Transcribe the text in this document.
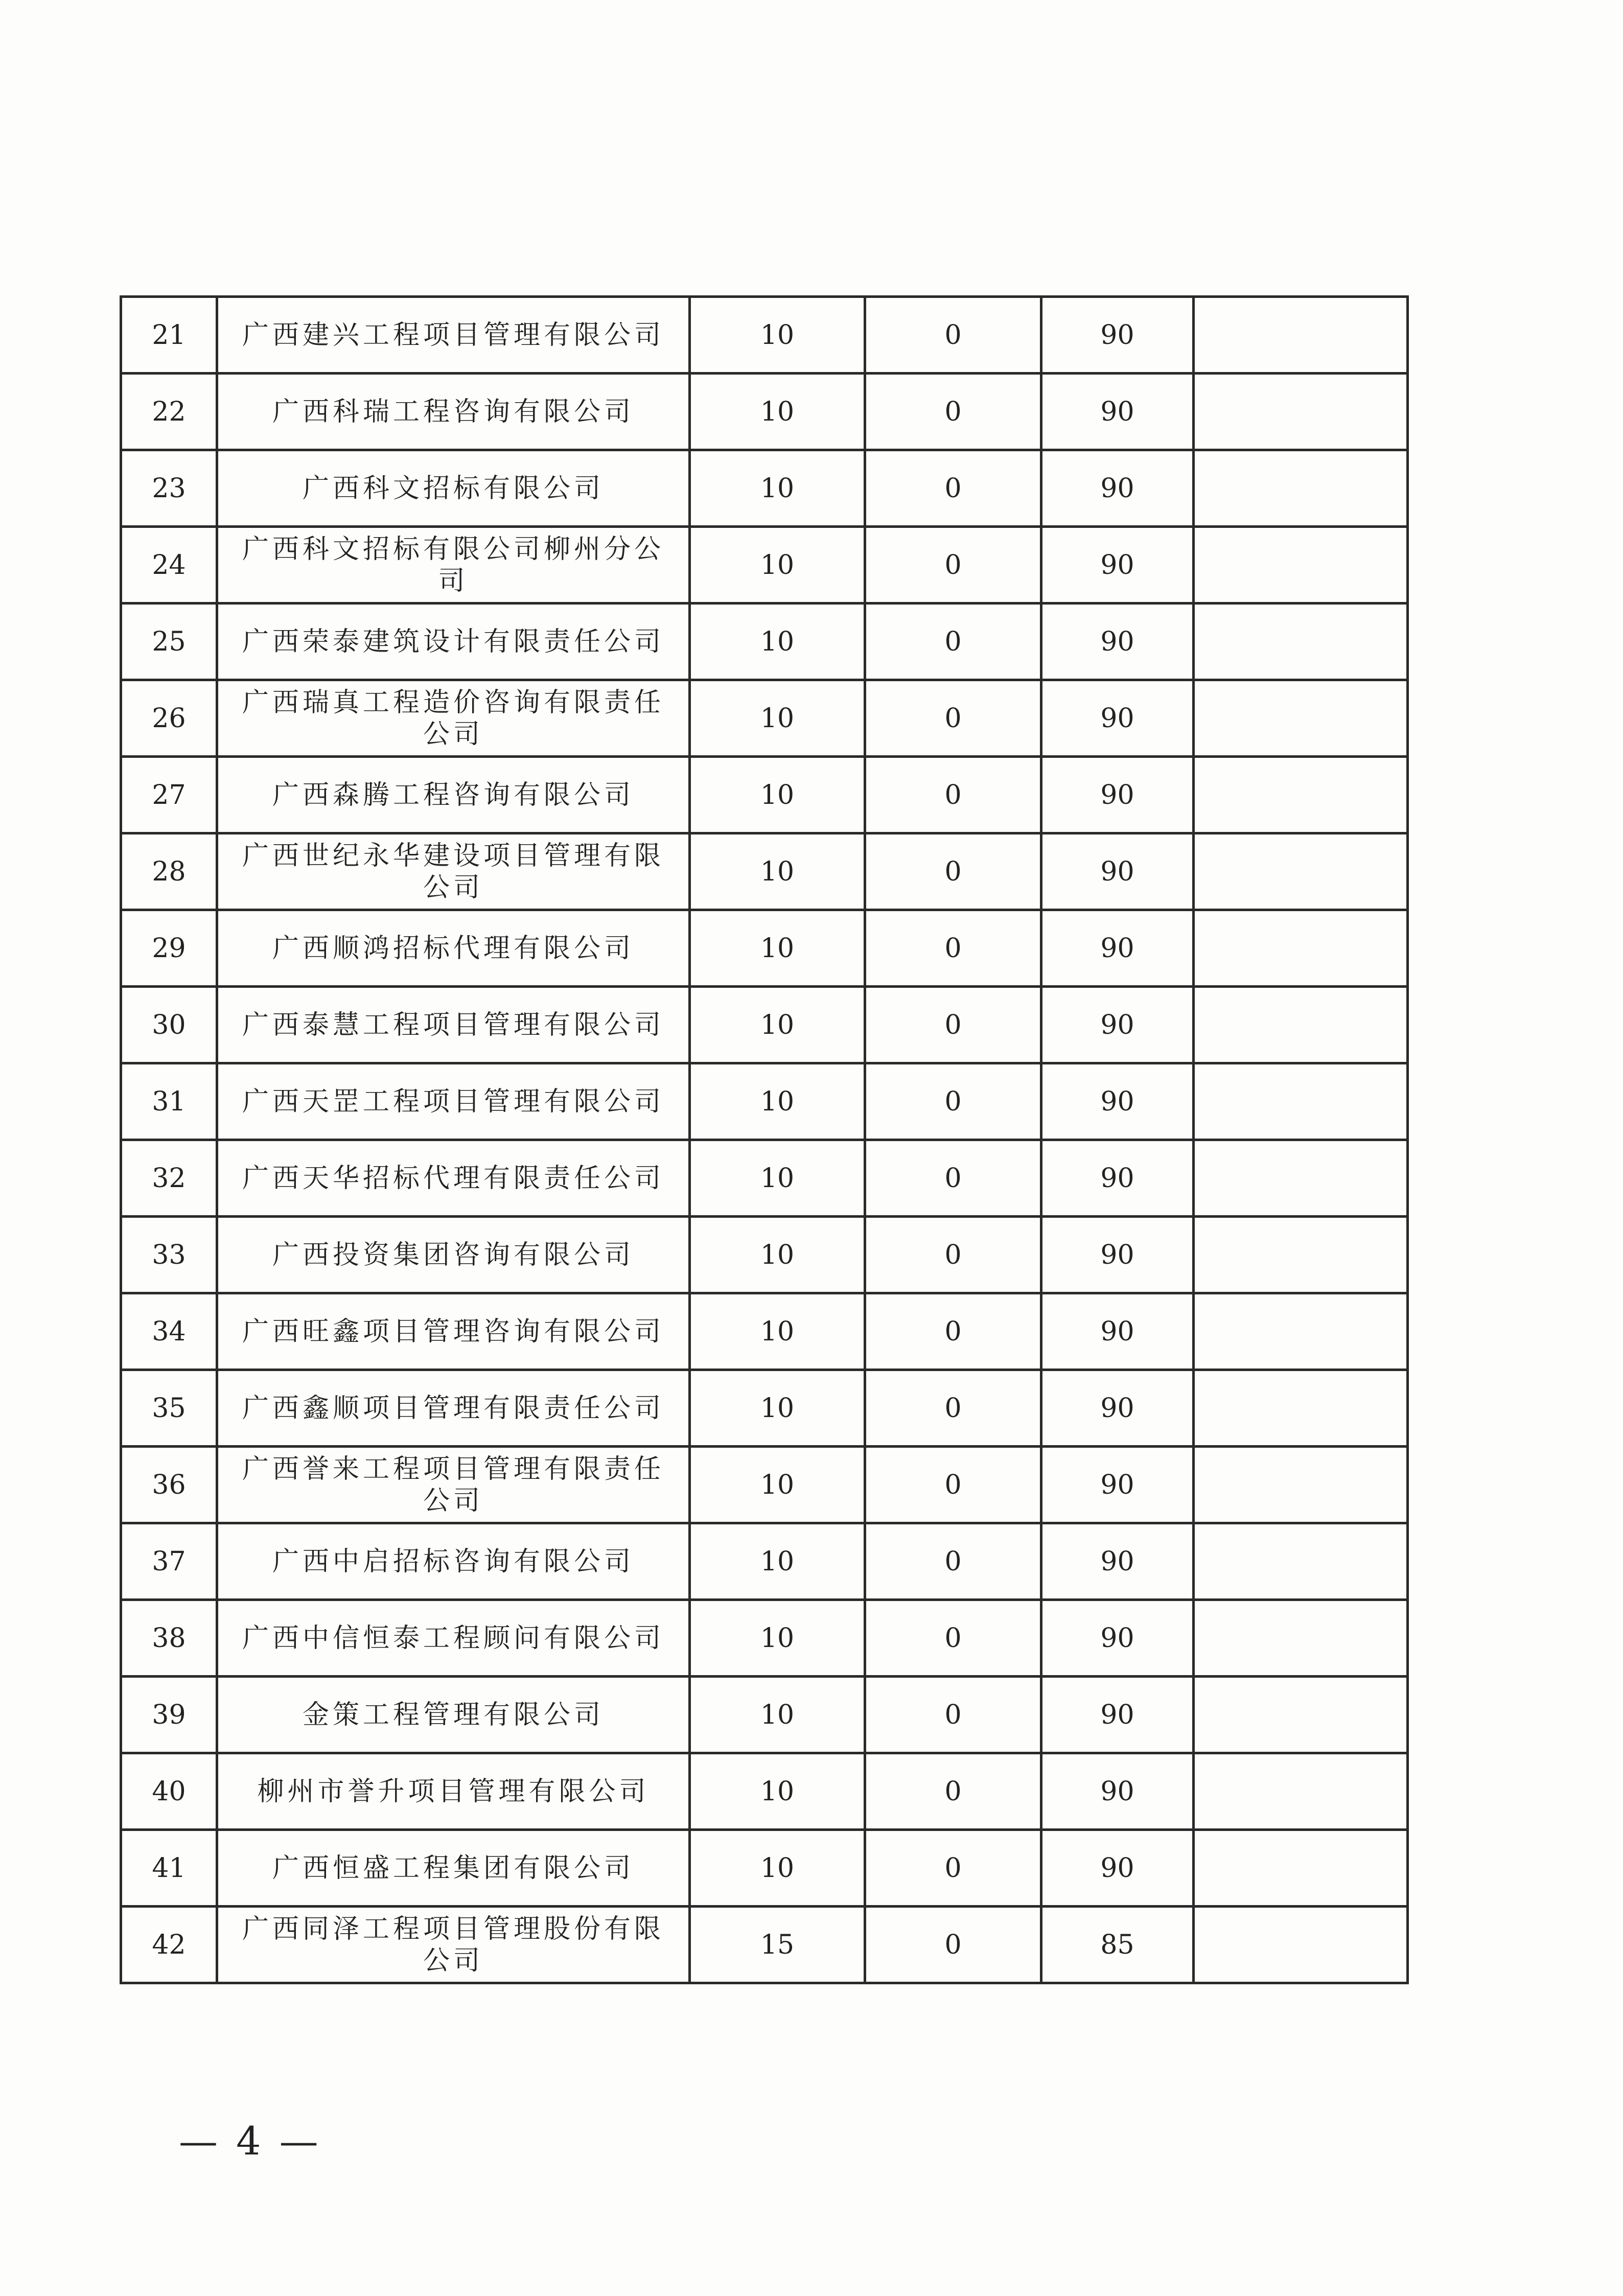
21	广西建兴工程项目管理有限公司	10	0	90	
22	广西科瑞工程咨询有限公司	10	0	90	
23	广西科文招标有限公司	10	0	90	
24	广西科文招标有限公司柳州分公司	10	0	90	
25	广西荣泰建筑设计有限责任公司	10	0	90	
26	广西瑞真工程造价咨询有限责任公司	10	0	90	
27	广西森腾工程咨询有限公司	10	0	90	
28	广西世纪永华建设项目管理有限公司	10	0	90	
29	广西顺鸿招标代理有限公司	10	0	90	
30	广西泰慧工程项目管理有限公司	10	0	90	
31	广西天罡工程项目管理有限公司	10	0	90	
32	广西天华招标代理有限责任公司	10	0	90	
33	广西投资集团咨询有限公司	10	0	90	
34	广西旺鑫项目管理咨询有限公司	10	0	90	
35	广西鑫顺项目管理有限责任公司	10	0	90	
36	广西誉来工程项目管理有限责任公司	10	0	90	
37	广西中启招标咨询有限公司	10	0	90	
38	广西中信恒泰工程顾问有限公司	10	0	90	
39	金策工程管理有限公司	10	0	90	
40	柳州市誉升项目管理有限公司	10	0	90	
41	广西恒盛工程集团有限公司	10	0	90	
42	广西同泽工程项目管理股份有限公司	15	0	85	
— 4 —
